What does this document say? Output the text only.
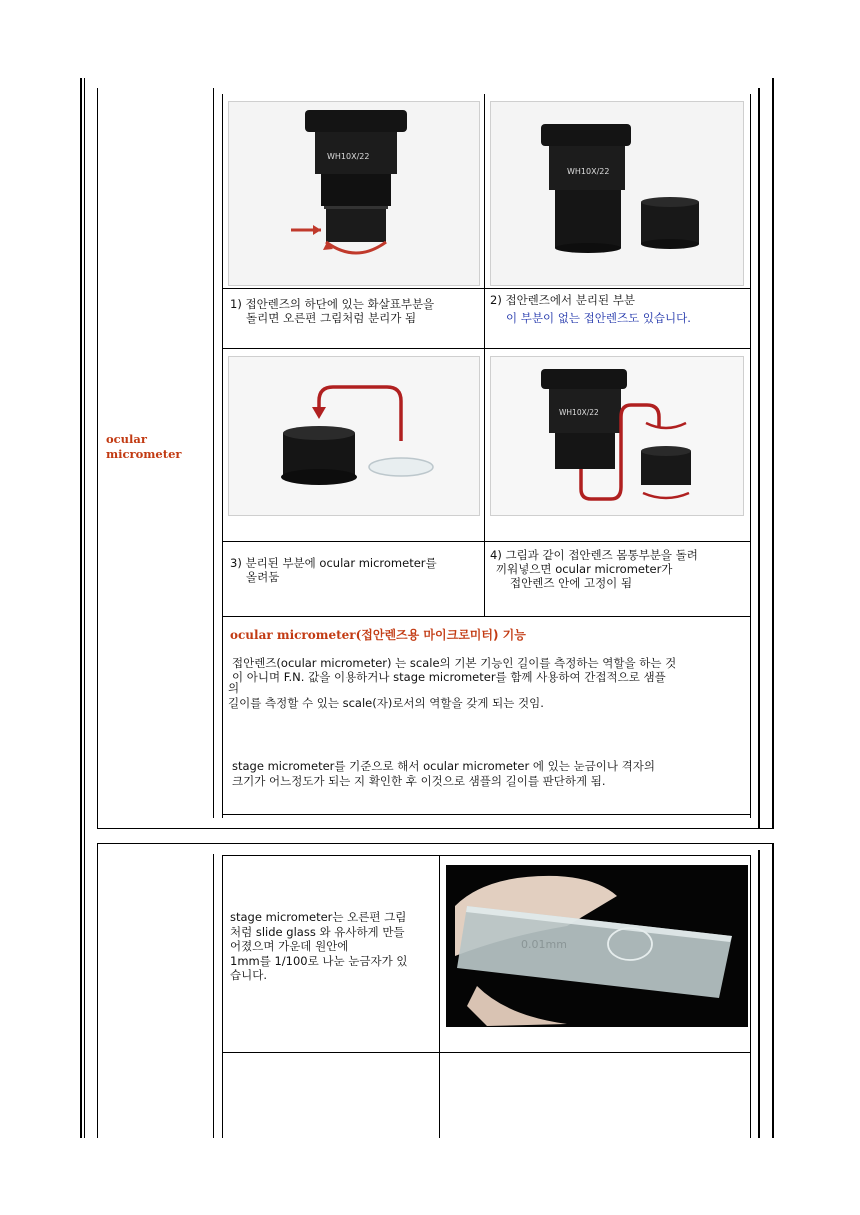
ocular
micrometer
WH10X/22
WH10X/22
1) 접안렌즈의 하단에 있는 화살표부분을
돌리면 오른편 그림처럼 분리가 됨
2) 접안렌즈에서 분리된 부분
이 부분이 없는 접안렌즈도 있습니다.
WH10X/22
3) 분리된 부분에 ocular micrometer를
올려둠
4) 그림과 같이 접안렌즈 몸통부분을 돌려
끼워넣으면 ocular micrometer가
접안렌즈 안에 고정이 됨
ocular micrometer(접안렌즈용 마이크로미터) 기능
접안렌즈(ocular micrometer) 는 scale의 기본 기능인 길이를 측정하는 역할을 하는 것
이 아니며 F.N. 값을 이용하거나 stage micrometer를 함께 사용하여 간접적으로 샘플
의
길이를 측정할 수 있는 scale(자)로서의 역할을 갖게 되는 것임.
stage micrometer를 기준으로 해서 ocular micrometer 에 있는 눈금이나 격자의
크기가 어느정도가 되는 지 확인한 후 이것으로 샘플의 길이를 판단하게 됨.
stage micrometer는 오른편 그림
처럼 slide glass 와 유사하게 만들
어졌으며 가운데 원안에
1mm를 1/100로 나눈 눈금자가 있
습니다.
0.01mm
